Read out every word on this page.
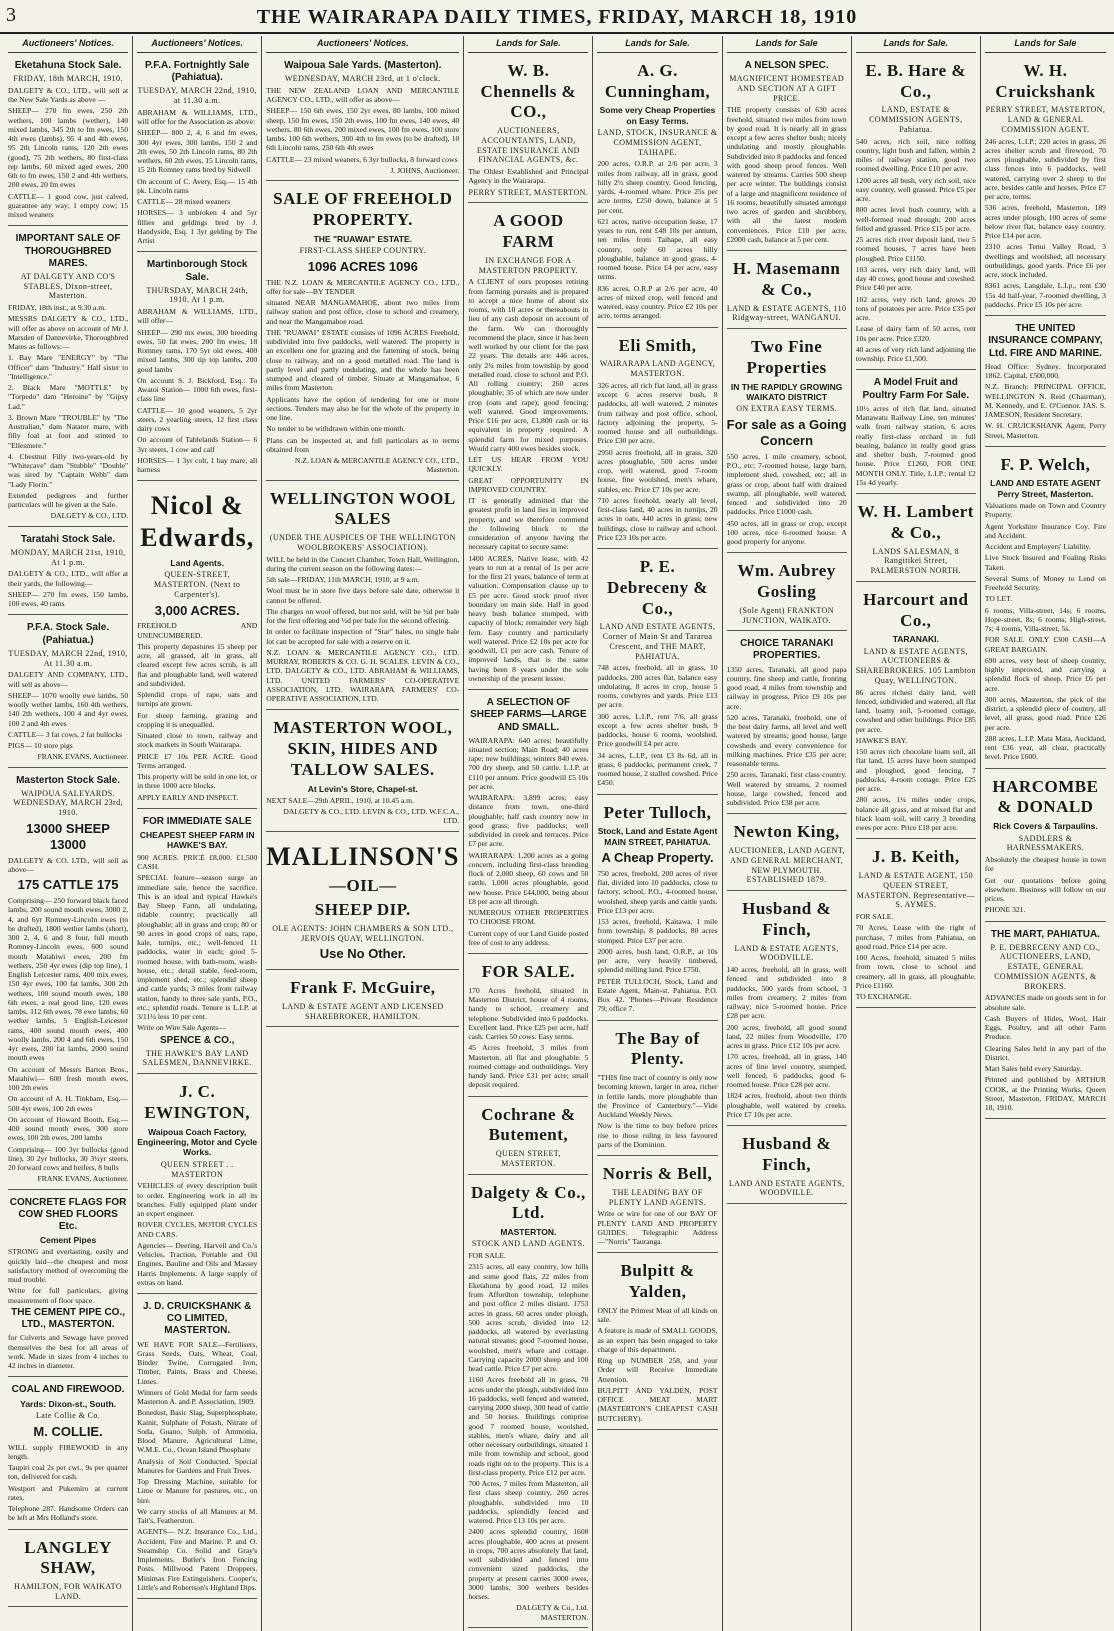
3	THE WAIRARAPA DAILY TIMES, FRIDAY, MARCH 18, 1910
Auctioneers' Notices.
Eketahuna Stock Sale.

FRIDAY, 18th MARCH, 1910.

DALGETY & CO., LTD., will sell at the New Sale Yards as above —

SHEEP— 270 fm ewes, 250 2th wethers, 100 lambs (wether), 140 mixed lambs, 345 2th to fm ewes, 150 4th ewes (lambs), 95 4 and 4th ewes, 95 2th Lincoln rams, 120 2th ewes (good), 75 2th wethers, 80 first-class rep lambs, 60 mixed aged ewes, 200 6th to fm ewes, 150 2 and 4th wethers, 200 ewes, 20 fm ewes

CATTLE— 1 good cow, just calved, guarantee any way; 1 empty cow; 15 mixed weaners

IMPORTANT SALE OF THOROUGHBRED MARES.

AT DALGETY AND CO'S STABLES, Dixon-street, Masterton.

FRIDAY, 18th inst., at 9.30 a.m.

MESSRS DALGETY & CO., LTD., will offer as above on account of Mr J. Marsden of Dannevirke, Thoroughbred Mares as follows:—

1. Bay Mare "ENERGY" by "The Officer" dam "Industry." Half sister to "Intelligence."

2. Black Mare "MOTTLE" by "Torpedo" dam "Heroine" by "Gipsy Lad."

3. Brown Mare "TROUBLE" by "The Australian," dam Natator mare, with filly foal at foot and stinted to "Ellesmere."

4. Chestnut Filly two-years-old by "Whitecave" dam "Stubble" "Double" was sired by "Captain Webb" dam "Lady Florin."

Extended pedigrees and further particulars will be given at the Sale.

DALGETY & CO., LTD.

Taratahi Stock Sale.

MONDAY, MARCH 21st, 1910, At 1 p.m.

DALGETY & CO., LTD., will offer at their yards, the following—

SHEEP— 270 fm ewes, 150 lambs, 100 ewes, 40 rams

P.F.A. Stock Sale. (Pahiatua.)

TUESDAY, MARCH 22nd, 1910, At 11.30 a.m.

DALGETY AND COMPANY, LTD., will sell as above—

SHEEP— 1070 woolly ewe lambs, 50 woolly wether lambs, 160 4th wethers, 140 2th wethers, 100 4 and 4yr ewes, 100 2 and 4th ewes

CATTLE— 3 fat cows, 2 fat bullocks

PIGS— 10 store pigs

FRANK EVANS, Auctioneer.

Masterton Stock Sale.

WAIPOUA SALEYARDS. WEDNESDAY, MARCH 23rd, 1910.

13000 SHEEP 13000

DALGETY & CO. LTD., will sell as above—

175 CATTLE 175

Comprising— 250 forward black faced lambs, 200 sound mouth ewes, 3000 2, 4, and 6yr Romney-Lincoln ewes (to be drafted), 1800 wether lambs (short), 300 2, 4, 6 and 8 four, full mouth Romney-Lincoln ewes, 600 sound mouth Matahiwi ewes, 200 fm wethers, 250 4yr ewes (dip top line), 1 English Leicester rams, 400 mix ewes, 150 4yr ewes, 100 fat lambs, 300 2th wethers, 100 sound mouth ewes, 180 6th ewes, a real good line, 120 ewes lambs, 112 6th ewes, 78 ewe lambs, 60 wether lambs, 5 English-Leicester rams, 400 sound mouth ewes, 400 woolly lambs, 200 4 and 6th ewes, 150 4yr ewes, 200 fat lambs, 2000 sound mouth ewes

On account of Messrs Barton Bros., Matahiwi— 600 fresh mouth ewes, 100 2th ewes

On account of A. H. Tinkham, Esq.— 500 4yr ewes, 100 2th ewes

On account of Howard Booth, Esq.— 400 sound mouth ewes, 300 store ewes, 100 2th ewes, 200 lambs

Comprising— 100 3yr bullocks (good line), 30 2yr bullocks, 30 3¼yr steers, 20 forward cows and heifers, 8 bulls

FRANK EVANS, Auctioneer.

CONCRETE FLAGS FOR COW SHED FLOORS Etc.

Cement Pipes

STRONG and everlasting, easily and quickly laid—the cheapest and most satisfactory method of overcoming the mud trouble.

Write for full particulars, giving measurement of floor space.

THE CEMENT PIPE CO., LTD., MASTERTON.

for Culverts and Sewage have proved themselves the best for all areas of work. Made in sizes from 4 inches to 42 inches in diameter.

COAL AND FIREWOOD.

Yards: Dixon-st., South.

Late Collie & Co.

M. COLLIE.

WILL supply FIREWOOD in any length.

Taupiri coal 2s per cwt., 9s per quarter ton, delivered for cash.

Westport and Pukemiro at current rates.

Telephone 287. Handsome Orders can be left at Mrs Holland's store.

LANGLEY SHAW,

HAMILTON, FOR WAIKATO LAND.

Auctioneers' Notices.
P.F.A. Fortnightly Sale (Pahiatua).

TUESDAY, MARCH 22nd, 1910, at 11.30 a.m.

ABRAHAM & WILLIAMS, LTD., will offer for the Association as above:

SHEEP— 800 2, 4, 6 and fm ewes, 300 4yr ewes, 300 lambs, 150 2 and 2th ewes, 50 2th Lincoln rams, 80 2th wethers, 60 2th ewes, 15 Lincoln rams, 15 2th Romney rams bred by Sidwell

On account of C. Avery, Esq.— 15 4th pk. Lincoln rams

CATTLE— 28 mixed weaners

HORSES— 3 unbroken 4 and 5yr fillies and geldings bred by J. Handyside, Esq. 1 3yr gelding by The Artist

Martinborough Stock Sale.

THURSDAY, MARCH 24th, 1910. At 1 p.m.

ABRAHAM & WILLIAMS, LTD., will offer—

SHEEP— 290 mx ewes, 300 breeding ewes, 50 fat ewes, 200 fm ewes, 18 Romney rams, 170 5yr old ewes, 400 mixed lambs, 300 tip top lambs, 200 good lambs

On account S. J. Bickford, Esq.: To Awatoi Station— 1000 6th ewes, first-class line

CATTLE— 10 good weaners, 5 2yr steers, 2 yearling steers, 12 first class dairy cows

On account of Tablelands Station— 6 3yr steers, 1 cow and calf

HORSES— 1 3yr colt, 1 bay mare, all harness

Nicol & Edwards,

Land Agents.

QUEEN-STREET, MASTERTON. (Next to Carpenter's).

3,000 ACRES.

FREEHOLD AND UNENCUMBERED.

This property depastures 15 sheep per acre, all grassed, all in grass, all cleared except few acres scrub, is all flat and ploughable land, well watered and subdivided.

Splendid crops of rape, oats and turnips are grown.

For sheep farming, grazing and cropping it is unequalled.

Situated close to town, railway and stock markets in South Wairarapa.

PRICE £7 10s PER ACRE. Good Terms arranged.

This property will be sold in one lot, or in three 1000 acre blocks.

APPLY EARLY AND INSPECT.

FOR IMMEDIATE SALE

CHEAPEST SHEEP FARM IN HAWKE'S BAY.

900 ACRES. PRICE £8,000. £1,500 CASH.

SPECIAL feature—season surge an immediate sale, hence the sacrifice. This is an ideal and typical Hawke's Bay Sheep Farm, all undulating, ridable country; practically all ploughable; all in grass and crop; 80 or 90 acres in good crops of oats, rape, kale, turnips, etc.; well-fenced 11 paddocks, water in each; good 5-roomed house, with bath-room, wash-house, etc.; detail stable, feed-room, implement shed, etc.; splendid sheep and cattle yards; 3 miles from railway station, handy to three sale yards, P.O., etc.; splendid roads. Tenure is L.I.P. at 3/11¼ less 10 per cent.

Write on Wire Sale Agents—

SPENCE & CO.,

THE HAWKE'S BAY LAND SALESMEN, DANNEVIRKE.

J. C. EWINGTON,

Waipoua Coach Factory, Engineering, Motor and Cycle Works.

QUEEN STREET . . MASTERTON

VEHICLES of every description built to order. Engineering work in all its branches. Fully equipped plant under an expert engineer.

ROVER CYCLES, MOTOR CYCLES AND CARS.

Agencies— Deering, Harvell and Co.'s Vehicles, Traction, Portable and Oil Engines, Bauline and Oils and Massey Harris Implements. A large supply of extras on hand.

J. D. CRUICKSHANK & CO LIMITED, MASTERTON.

WE HAVE FOR SALE—Fertilisers, Grass Seeds, Oats, Wheat, Coal, Binder Twine, Corrugated Iron, Timber, Paints, Brass and Cheese, Limes.

Winners of Gold Medal for farm seeds Masterton A. and P. Association, 1909.

Bonedust, Basic Slag, Superphosphate, Kainit, Sulphate of Potash, Nitrate of Soda, Guano, Sulph. of Ammonia, Blood Manure, Agricultural Lime, W.M.E. Co., Ocean Island Phosphate

Analysis of Soil Conducted. Special Manures for Gardens and Fruit Trees.

Top Dressing Machine, suitable for Lime or Manure for pastures, etc., on hire.

We carry stocks of all Manures at M. Tait's, Featherston.

AGENTS— N.Z. Insurance Co., Ltd., Accident, Fire and Marine. P. and O. Steamship Co. Solid and Gray's Implements. Butler's Iron Fencing Posts. Millwood Patent Droppers. Minimax Fire Extinguishers. Cooper's, Little's and Robertson's Highland Dips.

Auctioneers' Notices.
Waipoua Sale Yards. (Masterton).

WEDNESDAY, MARCH 23rd, at 1 o'clock.

THE NEW ZEALAND LOAN AND MERCANTILE AGENCY CO., LTD., will offer as above—

SHEEP— 150 6th ewes, 150 2yr ewes, 80 lambs, 100 mixed sheep, 150 fm ewes, 150 2th ewes, 100 fm ewes, 140 ewes, 40 wethers, 80 6th ewes, 200 mixed ewes, 100 fm ewes, 100 store lambs, 100 6th wethers, 300 4th to fm ewes (to be drafted), 10 6th Lincoln rams, 250 6th 4th ewes

CATTLE— 23 mixed weaners, 6 3yr bullocks, 8 forward cows

J. JOHNS, Auctioneer.

SALE OF FREEHOLD PROPERTY.

THE "RUAWAI" ESTATE.

FIRST-CLASS SHEEP COUNTRY.

1096 ACRES 1096

THE N.Z. LOAN & MERCANTILE AGENCY CO., LTD., offer for sale—BY TENDER

situated NEAR MANGAMAHOE, about two miles from railway station and post office, close to school and creamery, and near the Mangamahoe road.

THE "RUAWAI" ESTATE consists of 1096 ACRES Freehold, subdivided into five paddocks, well watered. The property is an excellent one for grazing and the fattening of stock, being close to railway, and on a good metalled road. The land is partly level and partly undulating, and the whole has been stumped and cleared of timber. Situate at Mangamahoe, 6 miles from Masterton.

Applicants have the option of tendering for one or more sections. Tenders may also be for the whole of the property in one line.

No tender to be withdrawn within one month.

Plans can be inspected at, and full particulars as to terms obtained from

N.Z. LOAN & MERCANTILE AGENCY CO., LTD., Masterton.

WELLINGTON WOOL SALES

(UNDER THE AUSPICES OF THE WELLINGTON WOOLBROKERS' ASSOCIATION).

WILL be held in the Concert Chamber, Town Hall, Wellington, during the current season on the following dates:—

5th sale—FRIDAY, 11th MARCH, 1910, at 9 a.m.

Wool must be in store five days before sale date, otherwise it cannot be offered.

The charges on wool offered, but not sold, will be ½d per bale for the first offering and ½d per bale for the second offering.

In order to facilitate inspection of "Star" bales, no single bale lot can be accepted for sale with a reserve on it.

N.Z. LOAN & MERCANTILE AGENCY CO., LTD. MURRAY, ROBERTS & CO. G. H. SCALES. LEVIN & CO., LTD. DALGETY & CO., LTD. ABRAHAM & WILLIAMS, LTD. UNITED FARMERS' CO-OPERATIVE ASSOCIATION, LTD. WAIRARAPA FARMERS' CO-OPERATIVE ASSOCIATION, LTD.

MASTERTON WOOL, SKIN, HIDES AND TALLOW SALES.

At Levin's Store, Chapel-st.

NEXT SALE—29th APRIL, 1910, at 10.45 a.m.

DALGETY & CO., LTD. LEVIN & CO., LTD. W.F.C.A., LTD.

MALLINSON'S
—OIL—
SHEEP DIP.

OLE AGENTS: JOHN CHAMBERS & SON LTD., JERVOIS QUAY, WELLINGTON.

Use No Other.

Frank F. McGuire,

LAND & ESTATE AGENT AND LICENSED SHAREBROKER, HAMILTON.

Lands for Sale.
W. B. Chennells & CO.,

AUCTIONEERS, ACCOUNTANTS, LAND, ESTATE INSURANCE AND FINANCIAL AGENTS, &c.

The Oldest Established and Principal Agency in the Wairarapa.

PERRY STREET, MASTERTON.

A GOOD FARM

IN EXCHANGE FOR A MASTERTON PROPERTY.

A CLIENT of ours proposes retiring from farming pursuits and is prepared to accept a nice home of about six rooms, with 10 acres or thereabouts in lieu of any cash deposit on account of the farm. We can thoroughly recommend the place, since it has been well worked by our client for the past 22 years. The details are: 446 acres, only 2¼ miles from township by good metalled road, close to school and P.O. All rolling country; 260 acres ploughable; 35 of which are now under crop (oats and rape); good fencing; well watered. Good improvements. Price £16 per acre, £1,800 cash or its equivalent in property required. A splendid farm for mixed purposes. Would carry 400 ewes besides stock.

LET US HEAR FROM YOU QUICKLY.

GREAT OPPORTUNITY IN IMPROVED COUNTRY.

IT is generally admitted that the greatest profit in land lies in improved property, and we therefore commend the following block to the consideration of anyone having the necessary capital to secure same:

1400 ACRES, Native lease, with 42 years to run at a rental of 1s per acre for the first 21 years, balance of term at valuation. Compensation clause up to £5 per acre. Good stock proof river boundary on main side. Half in good heavy bush balance stumped, with capacity of block; remainder very high fern. Easy country and particularly well watered. Price £2 10s per acre for goodwill, £1 per acre cash. Tenure of improved lands, that is the same having been 8 years under the sole ownership of the present lessee.

A SELECTION OF SHEEP FARMS—LARGE AND SMALL.

WAIRARAPA: 640 acres; beautifully situated section; Main Road; 40 acres rape; new buildings; winters 840 ewes. 700 dry sheep, and 50 cattle. L.I.P. at £110 per annum. Price goodwill £5 10s per acre.

WAIRARAPA: 3,899 acres; easy distance from town, one-third ploughable; half cash country now in good grass; five paddocks; well subdivided in creek and terraces. Price £7 per acre.

WAIRARAPA: 1,200 acres as a going concern, including first-class breeding flock of 2,000 sheep, 60 cows and 50 cattle, 1,000 acres ploughable, good new house. Price £44,000, being about £8 per acre all through.

NUMEROUS OTHER PROPERTIES TO CHOOSE FROM.

Current copy of our Land Guide posted free of cost to any address.

FOR SALE.

170 Acres freehold, situated in Masterton District, house of 4 rooms, handy to school, creamery and telephone. Subdivided into 6 paddocks. Excellent land. Price £25 per acre, half cash. Carries 50 cows. Easy terms.

45 Acres freehold, 3 miles from Masterton, all flat and ploughable. 5 roomed cottage and outbuildings. Very handy land. Price £31 per acre; small deposit required.

Cochrane & Butement,

QUEEN STREET, MASTERTON.

Dalgety & Co., Ltd.

MASTERTON.

STOCK AND LAND AGENTS.

FOR SALE.

2315 acres, all easy country, low hills and some good flats, 22 miles from Eketahuna by good road, 12 miles from Affordton township, telephone and post office 2 miles distant. 1753 acres in grass, 60 acres under plough, 500 acres scrub, divided into 12 paddocks, all watered by everlasting natural streams; good 7-roomed house, woolshed, men's whare and cottage. Carrying capacity 2000 sheep and 100 head cattle. Price £7 per acre.

1160 Acres freehold all in grass, 70 acres under the plough, subdivided into 16 paddocks, well fenced and watered, carrying 2000 sheep, 300 head of cattle and 50 horses. Buildings comprise good 7 roomed house, woolshed, stables, men's whare, dairy and all other necessary outbuildings, situated 1 mile from township and school, good roads right on to the property. This is a first-class property. Price £12 per acre.

700 Acres, 7 miles from Masterton, all first class sheep country, 260 acres ploughable, subdivided into 10 paddocks, splendidly fenced and watered. Price £13 10s per acre.

2400 acres splendid country, 1600 acres ploughable, 400 acres at present in crops, 700 acres absolutely flat land, well subdivided and fenced into convenient sized paddocks, the property at present carries 3000 ewes, 3000 lambs, 300 wethers besides horses.

DALGETY & Co., Ltd. MASTERTON.

Lands for Sale.
A. G. Cunningham,

Some very Cheap Properties on Easy Terms.

LAND, STOCK, INSURANCE & COMMISSION AGENT, TAIHAPE.

200 acres, O.R.P. at 2/6 per acre, 3 miles from railway, all in grass, good hilly 2½ sheep country. Good fencing, yards, 4-roomed whare. Price 25s per acre terms, £250 down, balance at 5 per cent.

621 acres, native occupation lease, 17 years to run, rent £48 10s per annum, ten miles from Taihape, all easy country, only 60 acres hilly ploughable, balance in good grass, 4-roomed house. Price £4 per acre, easy terms.

836 acres, O.R.P at 2/6 per acre, 40 acres of mixed crop, well fenced and watered, easy country. Price £2 10s per acre, terms arranged.

Eli Smith,

WAIRARAPA LAND AGENCY, MASTERTON.

326 acres, all rich flat land, all in grass except 6 acres reserve bush, 8 paddocks, all well watered, 2 minutes from railway and post office, school, factory adjoining the property, 5-roomed house and all outbuildings. Price £30 per acre.

2950 acres freehold, all in grass, 320 acres ploughable, 500 acres under crop, well watered, good 7-room house, fine woolshed, men's whare, stables, etc. Price £7 10s per acre.

710 acres freehold, nearly all level, first-class land, 40 acres in turnips, 20 acres in oats, 440 acres in grass; new buildings, close to railway and school. Price £23 10s per acre.

P. E. Debreceny & Co.,

LAND AND ESTATE AGENTS, Corner of Main St and Tararua Crescent, and THE MART, PAHIATUA.

748 acres, freehold, all in grass, 10 paddocks, 200 acres flat, balance easy undulating, 8 acres in crop, house 5 rooms, cowbyres and yards. Price £13 per acre.

300 acres, L.I.P., rent 7/6, all grass except a few acres shelter bush, 9 paddocks, house 6 rooms, woolshed. Price goodwill £4 per acre.

34 acres, L.I.P., rent £3 8s 6d, all in grass, 6 paddocks, permanent creek, 7 roomed house, 2 stalled cowshed. Price £450.

Peter Tulloch,

Stock, Land and Estate Agent MAIN STREET, PAHIATUA.

A Cheap Property.

750 acres, freehold, 200 acres of river flat, divided into 10 paddocks, close to factory, school, P.O., 4-roomed house, woolshed, sheep yards and cattle yards. Price £13 per acre.

153 acres, freehold, Kaitawa, 1 mile from township, 8 paddocks, 80 acres stumped. Price £37 per acre.

2000 acres, bush land, O.R.P., at 10s per acre, very heavily timbered, splendid milling land. Price £750.

PETER TULLOCH, Stock, Land and Estate Agent, Main-st. Pahiatua. P.O. Box 42. 'Phones—Private Residence 79; office 7.

The Bay of Plenty.

"THIS fine tract of country is only now becoming known, larger in area, richer in fertile lands, more ploughable than the Province of Canterbury."—Vide Auckland Weekly News.

Now is the time to buy before prices rise to those ruling in less favoured parts of the Dominion.

Norris & Bell,

THE LEADING BAY OF PLENTY LAND AGENTS.

Write or wire for one of our BAY OF PLENTY LAND AND PROPERTY GUIDES. Telegraphic Address—"Norris" Tauranga.

Bulpitt & Yalden,

ONLY the Primest Meat of all kinds on sale.

A feature is made of SMALL GOODS, as an expert has been engaged to take charge of this department.

Ring up NUMBER 258, and your Order will Receive Immediate Attention.

BULPITT AND YALDEN, POST OFFICE MEAT MART (MASTERTON'S CHEAPEST CASH BUTCHERY).

Lands for Sale
A NELSON SPEC.

MAGNIFICENT HOMESTEAD AND SECTION AT A GIFT PRICE.

THE property consists of 630 acres freehold, situated two miles from town by good road. It is nearly all in grass except a few acres shelter bush; nicely undulating and mostly ploughable. Subdivided into 8 paddocks and fenced with good sheep proof fences. Well watered by streams. Carries 500 sheep per acre winter. The buildings consist of a large and magnificent residence of 16 rooms, beautifully situated amongst two acres of garden and shrubbery, with all the latest modern conveniences. Price £10 per acre, £2000 cash, balance at 5 per cent.

H. Masemann & Co.,

LAND & ESTATE AGENTS, 110 Ridgway-street, WANGANUI.

Two Fine Properties

IN THE RAPIDLY GROWING WAIKATO DISTRICT

ON EXTRA EASY TERMS.

For sale as a Going Concern

550 acres, 1 mile creamery, school, P.O., etc; 7-roomed house, large barn, implement shed, cowshed, etc; all in grass or crop, about half with drained swamp, all ploughable, well watered, fenced and subdivided into 20 paddocks. Price £1000 cash.

450 acres, all in grass or crop, except 100 acres, nice 6-roomed house. A good property for anyone.

Wm. Aubrey Gosling

(Sole Agent) FRANKTON JUNCTION, WAIKATO.

CHOICE TARANAKI PROPERTIES.

1350 acres, Taranaki, all good papa country, fine sheep and cattle, fronting good road, 4 miles from township and railway in progress. Price £9 10s per acre.

520 acres, Taranaki, freehold, one of the best dairy farms, all level and well watered by streams; good house, large cowsheds and every convenience for milking machines. Price £35 per acre; reasonable terms.

250 acres, Taranaki, first class country. Well watered by streams, 2 roomed house, large cowshed, fenced and subdivided. Price £38 per acre.

Newton King,

AUCTIONEER, LAND AGENT, AND GENERAL MERCHANT, NEW PLYMOUTH. ESTABLISHED 1879.

Husband & Finch,

LAND & ESTATE AGENTS, WOODVILLE.

140 acres, freehold, all in grass, well fenced and subdivided into 8 paddocks, 500 yards from school, 3 miles from creamery, 2 miles from railway; nice 5-roomed house. Price £28 per acre.

200 acres, freehold, all good sound land, 22 miles from Woodville, 170 acres in grass. Price £12 10s per acre.

170 acres, freehold, all in grass, 140 acres of fine level country, stumped, well fenced, 6 paddocks, good 6-roomed house. Price £28 per acre.

1824 acres, freehold, about two thirds ploughable, well watered by creeks. Price £7 10s per acre.

Husband & Finch,

LAND AND ESTATE AGENTS, WOODVILLE.

Lands for Sale.
E. B. Hare & Co.,

LAND, ESTATE & COMMISSION AGENTS, Pahiatua.

540 acres, rich soil, nice rolling country, light bush and fallen, within 2 miles of railway station, good two roomed dwelling. Price £10 per acre.

1200 acres all bush, very rich soil, nice easy country, well grassed. Price £5 per acre.

800 acres level bush country, with a well-formed road through; 200 acres felled and grassed. Price £15 per acre.

25 acres rich river deposit land, two 5 roomed houses, 7 acres have been ploughed. Price £1150.

103 acres, very rich dairy land, will day 40 cows, good house and cowshed. Price £40 per acre.

102 acres, very rich land, grows 20 tons of potatoes per acre. Price £35 per acre.

Lease of dairy farm of 50 acres, rent 10s per acre. Price £320.

40 acres of very rich land adjoining the township. Price £1,500.

A Model Fruit and Poultry Farm For Sale.

10½ acres of rich flat land, situated Manawatu Railway Line, ten minutes' walk from railway station, 6 acres really first-class orchard in full bearing, balance in really good grass and shelter bush, 7-roomed good house. Price £1260, FOR ONE MONTH ONLY. Title, L.I.P.; rental £2 15s 4d yearly.

W. H. Lambert & Co.,

LANDS SALESMAN, 8 Rangitikei Street, PALMERSTON NORTH.

Harcourt and Co.,

TARANAKI.

LAND & ESTATE AGENTS, AUCTIONEERS & SHAREBROKERS. 105 Lambton Quay, WELLINGTON.

86 acres richest dairy land, well fenced, subdivided and watered, all flat land, loamy soil, 5-roomed cottage, cowshed and other buildings. Price £85 per acre.

HAWKE'S BAY.

150 acres rich chocolate loam soil, all flat land, 15 acres have been stumped and ploughed, good fencing, 7 paddocks, 4-room cottage. Price £25 per acre.

280 acres, 1¼ miles under crops, balance all grass, and at mixed flat and black loam soil, will carry 3 breeding ewes per acre. Price £18 per acre.

J. B. Keith,

LAND & ESTATE AGENT, 150 QUEEN STREET, MASTERTON. Representative—S. AYMES.

FOR SALE.

70 Acres, Lease with the right of purchase, 7 miles from Pahiatua, on good road. Price £14 per acre.

100 Acres, freehold, situated 5 miles from town, close to school and creamery, all in grass, all ploughable. Price £1160.

TO EXCHANGE.

Lands for Sale
W. H. Cruickshank

PERRY STREET, MASTERTON, LAND & GENERAL COMMISSION AGENT.

246 acres, L.I.P.; 220 acres in grass, 26 acres shelter scrub and firewood, 70 acres ploughable, subdivided by first class fences into 6 paddocks, well watered, carrying over 2 sheep to the acre, besides cattle and horses. Price £7 per acre, terms.

536 acres, freehold, Masterton, 189 acres under plough, 100 acres of some below river flat, balance easy country. Price £14 per acre.

2310 acres Tenui Valley Road, 3 dwellings and woolshed, all necessary outbuildings, good yards. Price £6 per acre, stock included.

8361 acres, Langdale, L.I.p., rent £30 15s 4d half-year, 7-roomed dwelling, 3 paddocks. Price £5 10s per acre.

THE UNITED INSURANCE COMPANY, Ltd. FIRE AND MARINE.

Head Office: Sydney. Incorporated 1862. Capital, £500,000.

N.Z. Branch: PRINCIPAL OFFICE, WELLINGTON N. Reid (Chairman), M. Kennedy, and E. O'Connor. JAS. S. JAMESON, Resident Secretary.

W. H. CRUICKSHANK Agent, Perry Street, Masterton.

F. P. Welch,

LAND AND ESTATE AGENT Perry Street, Masterton.

Valuations made on Town and Country Property.

Agent Yorkshire Insurance Coy. Fire and Accident.

Accident and Employers' Liability.

Live Stock Insured and Foaling Risks Taken.

Several Sums of Money to Lend on Freehold Security.

TO LET.

6 rooms, Villa-street, 14s; 6 rooms, Hope-street, 8s; 6 rooms, High-street, 7s; 4 rooms, Villa-street, 5s.

FOR SALE. ONLY £300 CASH—A GREAT BARGAIN.

690 acres, very best of sheep country, highly improved, and carrying a splendid flock of sheep. Price £6 per acre.

300 acres, Masterton, the pick of the district, a splendid piece of country, all level, all grass, good road. Price £26 per acre.

288 acres, L.I.P. Mata Mata, Auckland, rent £36 year, all clear, practically level. Price £600.

HARCOMBE & DONALD

Rick Covers & Tarpaulins.

SADDLERS & HARNESSMAKERS.

Absolutely the cheapest house in town for

Get our quotations before going elsewhere. Business will follow on our prices.

PHONE 321.

THE MART, PAHIATUA.

P. E. DEBRECENY AND CO., AUCTIONEERS, LAND, ESTATE, GENERAL COMMISSION AGENTS, & BROKERS.

ADVANCES made on goods sent in for absolute sale.

Cash Buyers of Hides, Wool, Hair Eggs, Poultry, and all other Farm Produce.

Clearing Sales held in any part of the District.

Mart Sales held every Saturday.

Printed and published by ARTHUR COOK, at the Printing Works, Queen Street, Masterton, FRIDAY, MARCH 18, 1910.
